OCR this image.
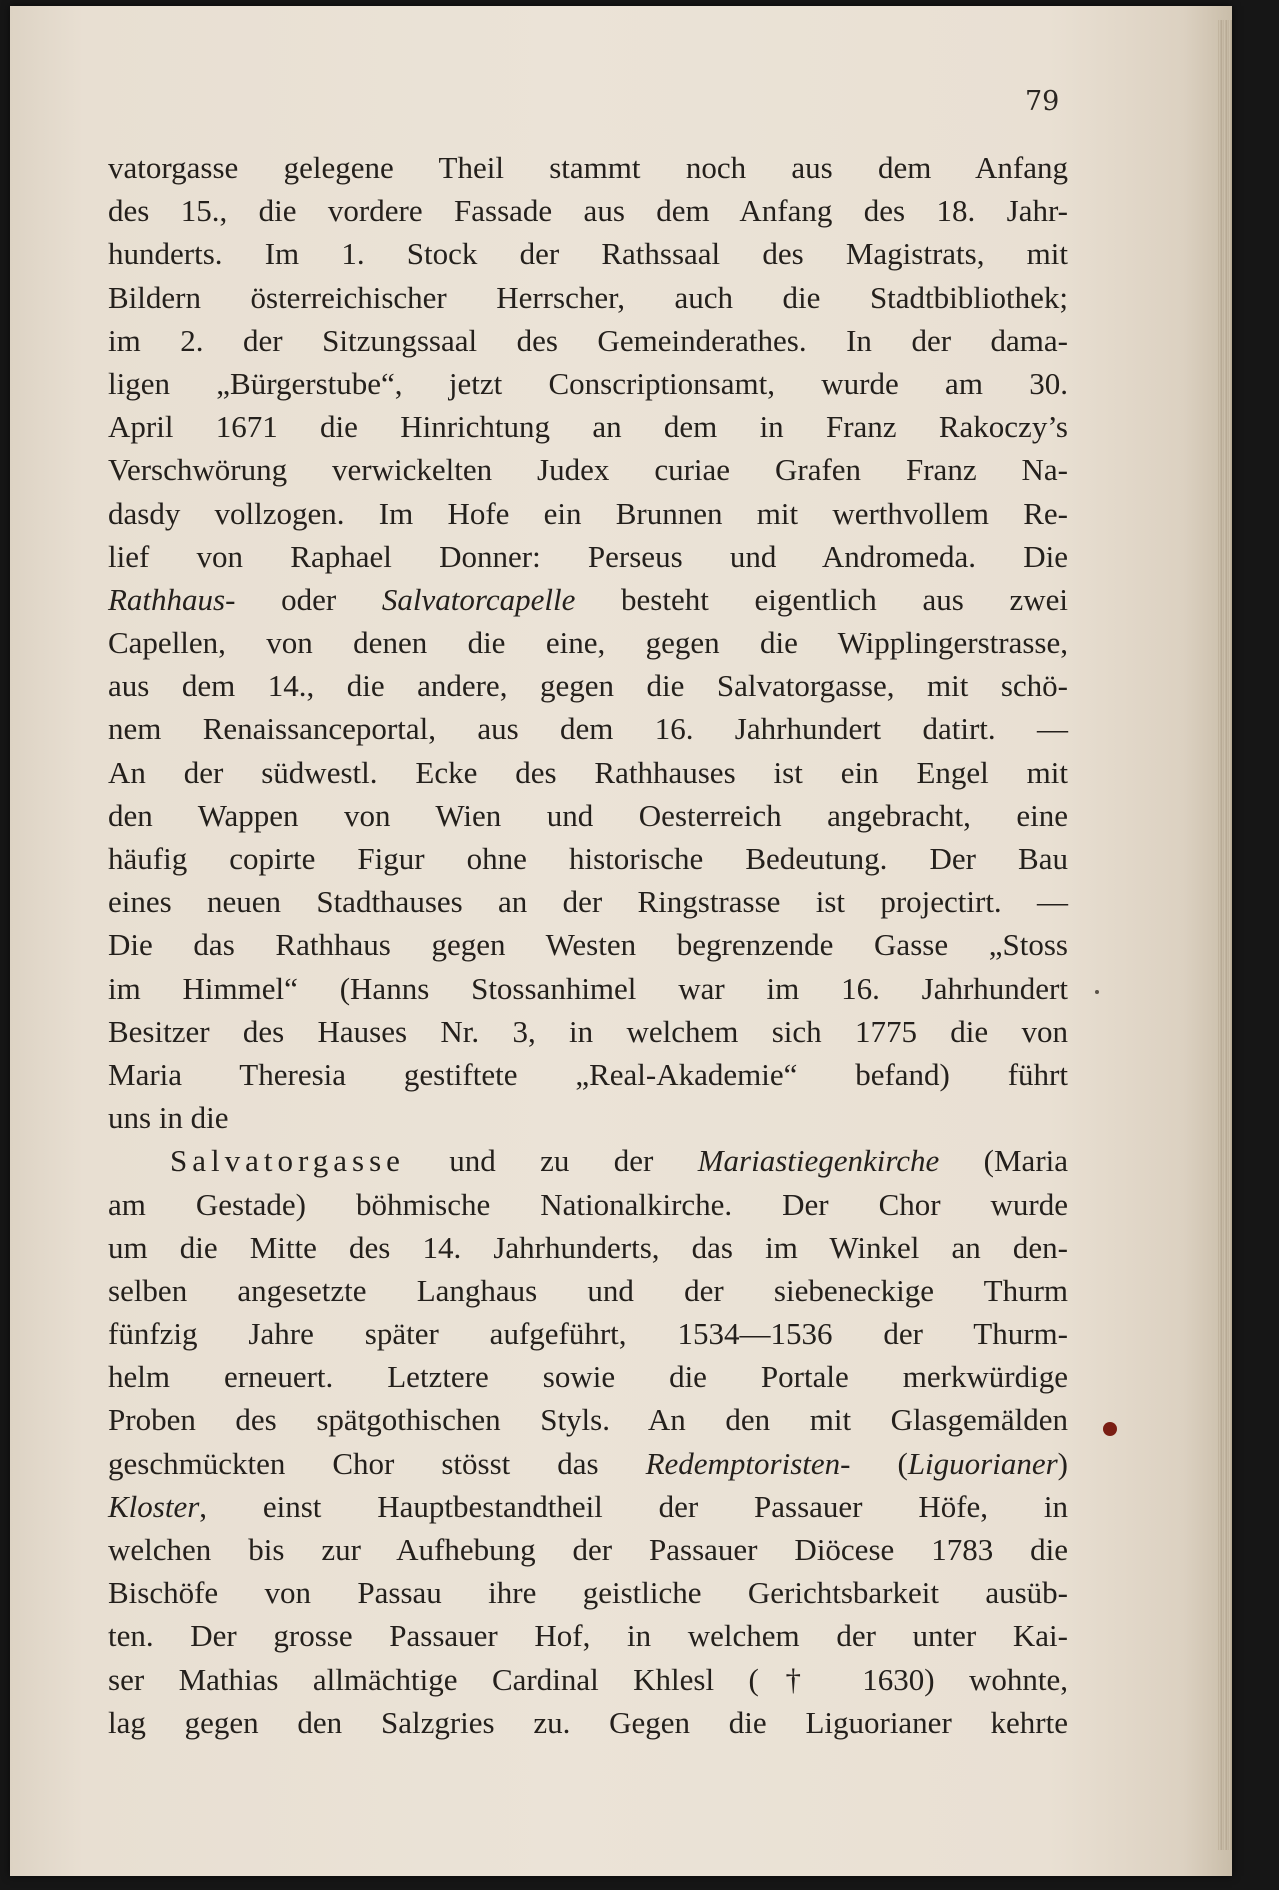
79
vatorgasse gelegene Theil stammt noch aus dem Anfang
des 15., die vordere Fassade aus dem Anfang des 18. Jahr-
hunderts. Im 1. Stock der Rathssaal des Magistrats, mit
Bildern österreichischer Herrscher, auch die Stadtbibliothek;
im 2. der Sitzungssaal des Gemeinderathes. In der dama-
ligen „Bürgerstube“, jetzt Conscriptionsamt, wurde am 30.
April 1671 die Hinrichtung an dem in Franz Rakoczy’s
Verschwörung verwickelten Judex curiae Grafen Franz Na-
dasdy vollzogen. Im Hofe ein Brunnen mit werthvollem Re-
lief von Raphael Donner: Perseus und Andromeda. Die
Rathhaus- oder Salvatorcapelle besteht eigentlich aus zwei
Capellen, von denen die eine, gegen die Wipplingerstrasse,
aus dem 14., die andere, gegen die Salvatorgasse, mit schö-
nem Renaissanceportal, aus dem 16. Jahrhundert datirt. —
An der südwestl. Ecke des Rathhauses ist ein Engel mit
den Wappen von Wien und Oesterreich angebracht, eine
häufig copirte Figur ohne historische Bedeutung. Der Bau
eines neuen Stadthauses an der Ringstrasse ist projectirt. —
Die das Rathhaus gegen Westen begrenzende Gasse „Stoss
im Himmel“ (Hanns Stossanhimel war im 16. Jahrhundert
Besitzer des Hauses Nr. 3, in welchem sich 1775 die von
Maria Theresia gestiftete „Real-Akademie“ befand) führt
uns in die
Salvatorgasse und zu der Mariastiegenkirche (Maria
am Gestade) böhmische Nationalkirche. Der Chor wurde
um die Mitte des 14. Jahrhunderts, das im Winkel an den-
selben angesetzte Langhaus und der siebeneckige Thurm
fünfzig Jahre später aufgeführt, 1534—1536 der Thurm-
helm erneuert. Letztere sowie die Portale merkwürdige
Proben des spätgothischen Styls. An den mit Glasgemälden
geschmückten Chor stösst das Redemptoristen- (Liguorianer)
Kloster, einst Hauptbestandtheil der Passauer Höfe, in
welchen bis zur Aufhebung der Passauer Diöcese 1783 die
Bischöfe von Passau ihre geistliche Gerichtsbarkeit ausüb-
ten. Der grosse Passauer Hof, in welchem der unter Kai-
ser Mathias allmächtige Cardinal Khlesl († 1630) wohnte,
lag gegen den Salzgries zu. Gegen die Liguorianer kehrte
